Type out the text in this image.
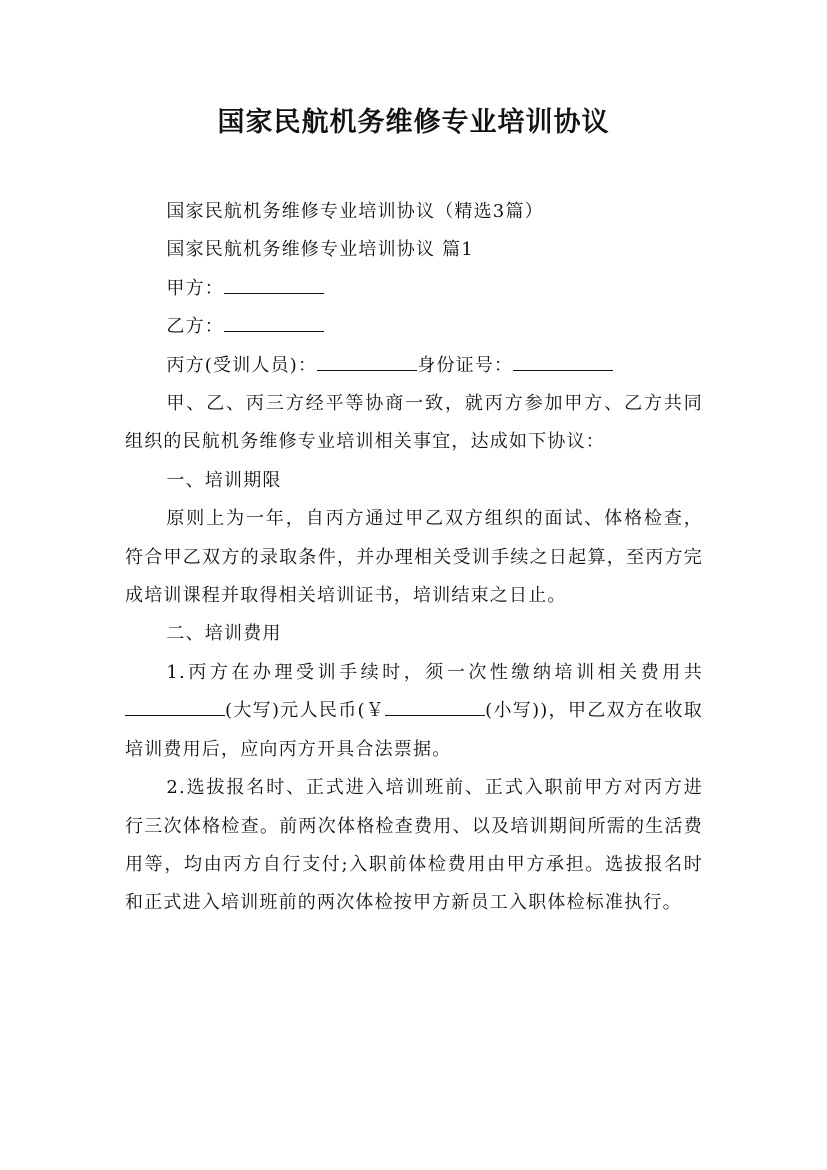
国家民航机务维修专业培训协议

国家民航机务维修专业培训协议（精选3篇）

国家民航机务维修专业培训协议 篇1

甲方：

乙方：

丙方(受训人员)：	身份证号：

甲、乙、丙三方经平等协商一致，就丙方参加甲方、乙方共同组织的民航机务维修专业培训相关事宜，达成如下协议：

一、培训期限

原则上为一年，自丙方通过甲乙双方组织的面试、体格检查，符合甲乙双方的录取条件，并办理相关受训手续之日起算，至丙方完成培训课程并取得相关培训证书，培训结束之日止。

二、培训费用

1.丙方在办理受训手续时，须一次性缴纳培训相关费用共(大写)元人民币(￥	(小写))，甲乙双方在收取培训费用后，应向丙方开具合法票据。

2.选拔报名时、正式进入培训班前、正式入职前甲方对丙方进行三次体格检查。前两次体格检查费用、以及培训期间所需的生活费用等，均由丙方自行支付;入职前体检费用由甲方承担。选拔报名时和正式进入培训班前的两次体检按甲方新员工入职体检标准执行。
